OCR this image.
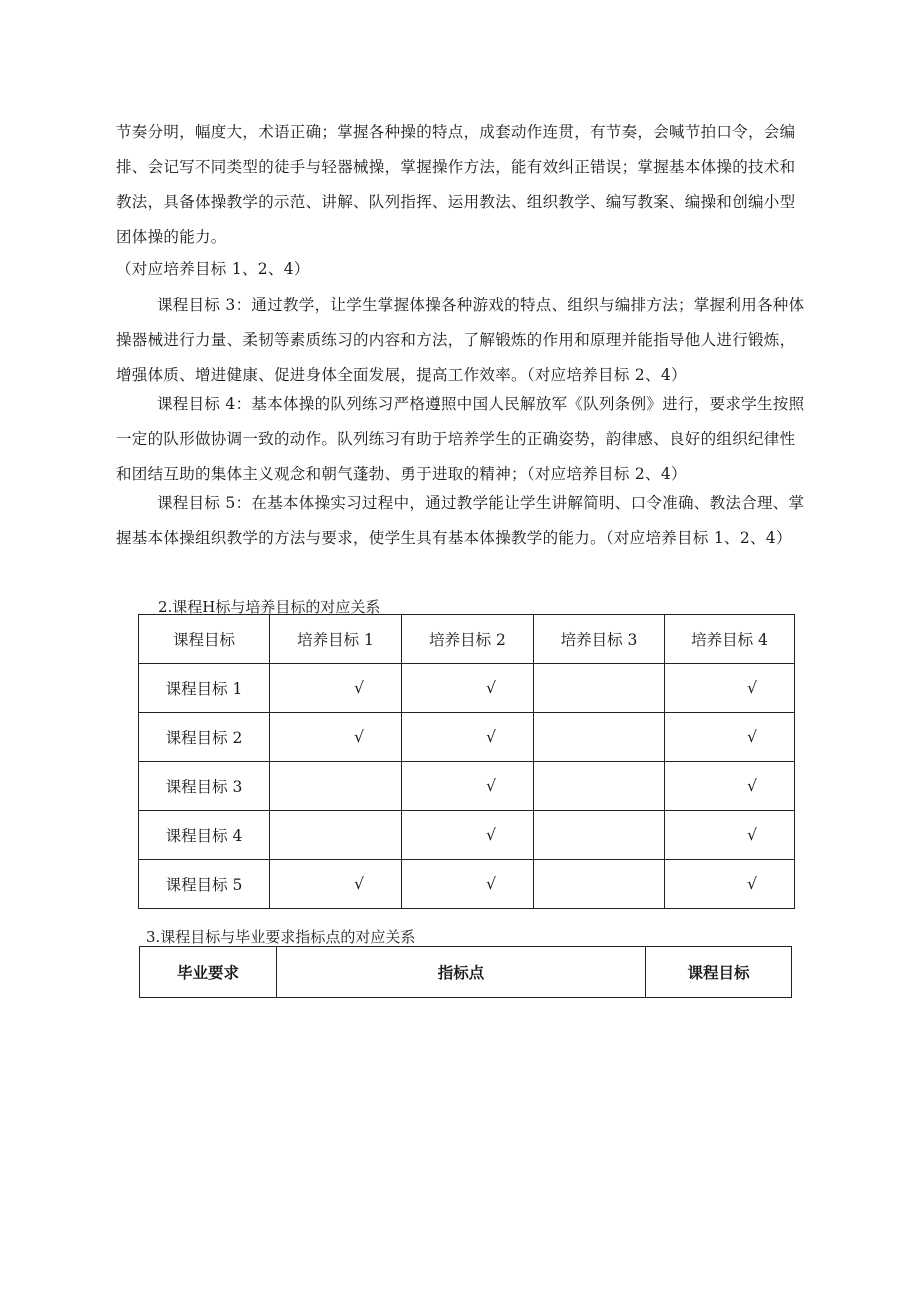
节奏分明，幅度大，术语正确；掌握各种操的特点，成套动作连贯，有节奏，会喊节拍口令，会编排、会记写不同类型的徒手与轻器械操，掌握操作方法，能有效纠正错误；掌握基本体操的技术和教法，具备体操教学的示范、讲解、队列指挥、运用教法、组织教学、编写教案、编操和创编小型团体操的能力。

（对应培养目标 1、2、4）

课程目标 3：通过教学，让学生掌握体操各种游戏的特点、组织与编排方法；掌握利用各种体操器械进行力量、柔韧等素质练习的内容和方法，了解锻炼的作用和原理并能指导他人进行锻炼，增强体质、增进健康、促进身体全面发展，提高工作效率。（对应培养目标 2、4）

课程目标 4：基本体操的队列练习严格遵照中国人民解放军《队列条例》进行，要求学生按照一定的队形做协调一致的动作。队列练习有助于培养学生的正确姿势，韵律感、良好的组织纪律性和团结互助的集体主义观念和朝气蓬勃、勇于进取的精神；（对应培养目标 2、4）

课程目标 5：在基本体操实习过程中，通过教学能让学生讲解简明、口令准确、教法合理、掌握基本体操组织教学的方法与要求，使学生具有基本体操教学的能力。（对应培养目标 1、2、4）

2.课程H标与培养目标的对应关系

课程目标	培养目标 1	培养目标 2	培养目标 3	培养目标 4
课程目标 1	√	√		√
课程目标 2	√	√		√
课程目标 3		√		√
课程目标 4		√		√
课程目标 5	√	√		√

3.课程目标与毕业要求指标点的对应关系

毕业要求	指标点	课程目标
